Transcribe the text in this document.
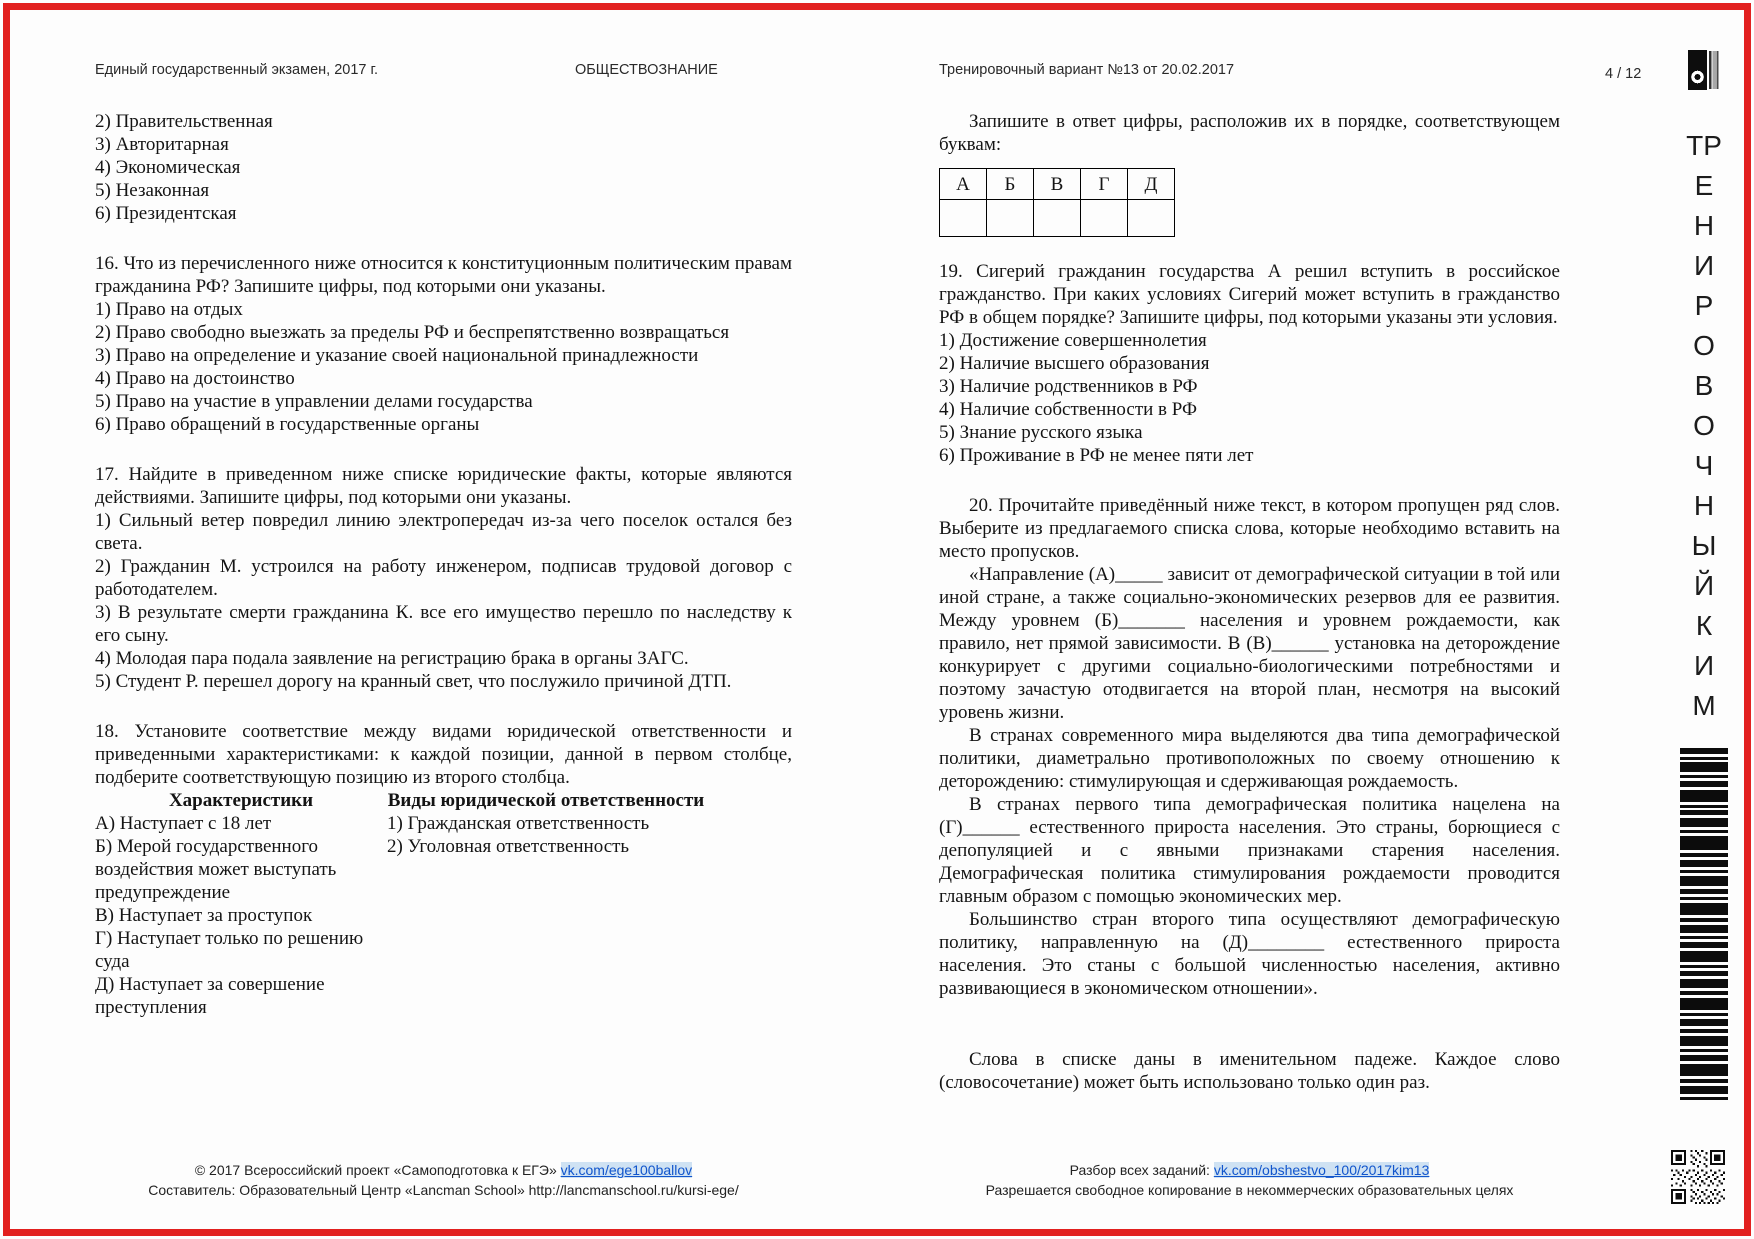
Единый государственный экзамен, 2017 г.	ОБЩЕСТВОЗНАНИЕ	Тренировочный вариант №13 от 20.02.2017	4 / 12
2) Правительственная
3) Авторитарная
4) Экономическая
5) Незаконная
6) Президентская

16. Что из перечисленного ниже относится к конституционным политическим правам гражданина РФ? Запишите цифры, под которыми они указаны.

1) Право на отдых
2) Право свободно выезжать за пределы РФ и беспрепятственно возвращаться
3) Право на определение и указание своей национальной принадлежности
4) Право на достоинство
5) Право на участие в управлении делами государства
6) Право обращений в государственные органы

17. Найдите в приведенном ниже списке юридические факты, которые являются действиями. Запишите цифры, под которыми они указаны.

1) Сильный ветер повредил линию электропередач из-за чего поселок остался без света.
2) Гражданин М. устроился на работу инженером, подписав трудовой договор с работодателем.
3) В результате смерти гражданина К. все его имущество перешло по наследству к его сыну.
4) Молодая пара подала заявление на регистрацию брака в органы ЗАГС.
5) Студент Р. перешел дорогу на кранный свет, что послужило причиной ДТП.

18. Установите соответствие между видами юридической ответственности и приведенными характеристиками: к каждой позиции, данной в первом столбце, подберите соответствующую позицию из второго столбца.

Характеристики
А) Наступает с 18 лет
Б) Мерой государственного воздействия может выступать предупреждение
В) Наступает за проступок
Г) Наступает только по решению суда
Д) Наступает за совершение преступления
Виды юридической ответственности
1) Гражданская ответственность
2) Уголовная ответственность

Запишите в ответ цифры, расположив их в порядке, соответствующем буквам:

А	Б	В	Г	Д

19. Сигерий гражданин государства А решил вступить в российское гражданство. При каких условиях Сигерий может вступить в гражданство РФ в общем порядке? Запишите цифры, под которыми указаны эти условия.

1) Достижение совершеннолетия
2) Наличие высшего образования
3) Наличие родственников в РФ
4) Наличие собственности в РФ
5) Знание русского языка
6) Проживание в РФ не менее пяти лет

20. Прочитайте приведённый ниже текст, в котором пропущен ряд слов. Выберите из предлагаемого списка слова, которые необходимо вставить на место пропусков.

«Направление (А)_____ зависит от демографической ситуации в той или иной стране, а также социально-экономических резервов для ее развития. Между уровнем (Б)_______ населения и уровнем рождаемости, как правило, нет прямой зависимости. В (В)______ установка на деторождение конкурирует с другими социально-биологическими потребностями и поэтому зачастую отодвигается на второй план, несмотря на высокий уровень жизни.

В странах современного мира выделяются два типа демографической политики, диаметрально противоположных по своему отношению к деторождению: стимулирующая и сдерживающая рождаемость.

В странах первого типа демографическая политика нацелена на (Г)______ естественного прироста населения. Это страны, борющиеся с депопуляцией и с явными признаками старения населения. Демографическая политика стимулирования рождаемости проводится главным образом с помощью экономических мер.

Большинство стран второго типа осуществляют демографическую политику, направленную на (Д)________ естественного прироста населения. Это станы с большой численностью населения, активно развивающиеся в экономическом отношении».

Слова в списке даны в именительном падеже. Каждое слово (словосочетание) может быть использовано только один раз.

ТР
Е
Н
И
Р
О
В
О
Ч
Н
Ы
Й
К
И
М
© 2017 Всероссийский проект «Самоподготовка к ЕГЭ» vk.com/ege100ballov
Составитель: Образовательный Центр «Lancman School» http://lancmanschool.ru/kursi-ege/
Разбор всех заданий: vk.com/obshestvo_100/2017kim13
Разрешается свободное копирование в некоммерческих образовательных целях
